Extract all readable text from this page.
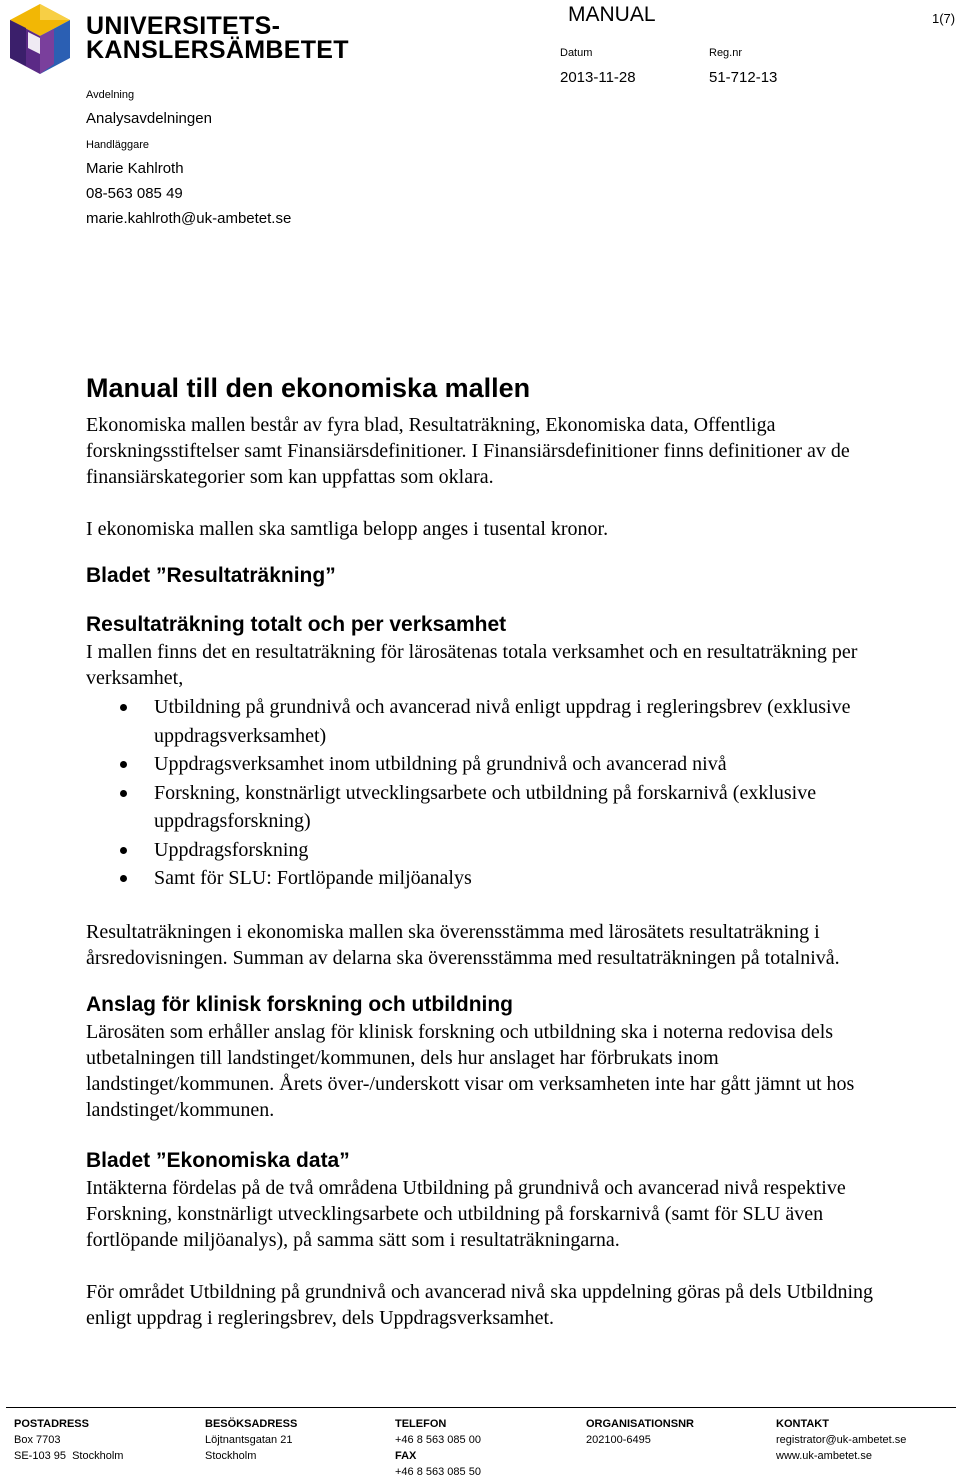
UNIVERSITETS-
KANSLERSÄMBETET
MANUAL	1(7)
Datum
2013-11-28
Reg.nr
51-712-13
Avdelning
Analysavdelningen
Handläggare
Marie Kahlroth
08-563 085 49
marie.kahlroth@uk-ambetet.se
Manual till den ekonomiska mallen

Ekonomiska mallen består av fyra blad, Resultaträkning, Ekonomiska data, Offentliga forskningsstiftelser samt Finansiärsdefinitioner. I Finansiärsdefinitioner finns definitioner av de finansiärskategorier som kan uppfattas som oklara.

I ekonomiska mallen ska samtliga belopp anges i tusental kronor.

Bladet ”Resultaträkning”
Resultaträkning totalt och per verksamhet

I mallen finns det en resultaträkning för lärosätenas totala verksamhet och en resultaträkning per verksamhet,

Utbildning på grundnivå och avancerad nivå enligt uppdrag i regleringsbrev (exklusive uppdragsverksamhet)
Uppdragsverksamhet inom utbildning på grundnivå och avancerad nivå
Forskning, konstnärligt utvecklingsarbete och utbildning på forskarnivå (exklusive uppdragsforskning)
Uppdragsforskning
Samt för SLU: Fortlöpande miljöanalys

Resultaträkningen i ekonomiska mallen ska överensstämma med lärosätets resultaträkning i årsredovisningen. Summan av delarna ska överensstämma med resultaträkningen på totalnivå.

Anslag för klinisk forskning och utbildning

Lärosäten som erhåller anslag för klinisk forskning och utbildning ska i noterna redovisa dels utbetalningen till landstinget/kommunen, dels hur anslaget har förbrukats inom landstinget/kommunen. Årets över-/underskott visar om verksamheten inte har gått jämnt ut hos landstinget/kommunen.

Bladet ”Ekonomiska data”

Intäkterna fördelas på de två områdena Utbildning på grundnivå och avancerad nivå respektive Forskning, konstnärligt utvecklingsarbete och utbildning på forskarnivå (samt för SLU även fortlöpande miljöanalys), på samma sätt som i resultaträkningarna.

För området Utbildning på grundnivå och avancerad nivå ska uppdelning göras på dels Utbildning enligt uppdrag i regleringsbrev, dels Uppdragsverksamhet.

POSTADRESS
Box 7703
SE-103 95  Stockholm
BESÖKSADRESS
Löjtnantsgatan 21
Stockholm
TELEFON
+46 8 563 085 00
FAX
+46 8 563 085 50
ORGANISATIONSNR
202100-6495
KONTAKT
registrator@uk-ambetet.se
www.uk-ambetet.se
